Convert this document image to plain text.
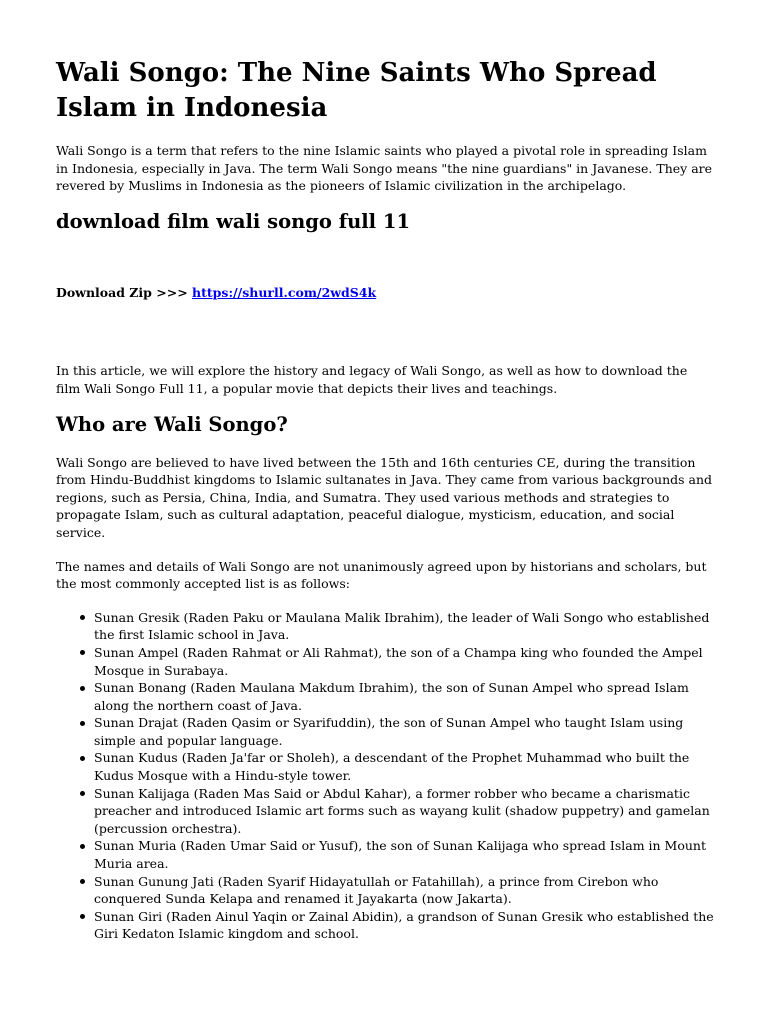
Wali Songo: The Nine Saints Who Spread Islam in Indonesia

Wali Songo is a term that refers to the nine Islamic saints who played a pivotal role in spreading Islam in Indonesia, especially in Java. The term Wali Songo means "the nine guardians" in Javanese. They are revered by Muslims in Indonesia as the pioneers of Islamic civilization in the archipelago.

download film wali songo full 11

Download Zip >>> https://shurll.com/2wdS4k

In this article, we will explore the history and legacy of Wali Songo, as well as how to download the film Wali Songo Full 11, a popular movie that depicts their lives and teachings.

Who are Wali Songo?

Wali Songo are believed to have lived between the 15th and 16th centuries CE, during the transition from Hindu-Buddhist kingdoms to Islamic sultanates in Java. They came from various backgrounds and regions, such as Persia, China, India, and Sumatra. They used various methods and strategies to propagate Islam, such as cultural adaptation, peaceful dialogue, mysticism, education, and social service.

The names and details of Wali Songo are not unanimously agreed upon by historians and scholars, but the most commonly accepted list is as follows:

Sunan Gresik (Raden Paku or Maulana Malik Ibrahim), the leader of Wali Songo who established the first Islamic school in Java.
Sunan Ampel (Raden Rahmat or Ali Rahmat), the son of a Champa king who founded the Ampel Mosque in Surabaya.
Sunan Bonang (Raden Maulana Makdum Ibrahim), the son of Sunan Ampel who spread Islam along the northern coast of Java.
Sunan Drajat (Raden Qasim or Syarifuddin), the son of Sunan Ampel who taught Islam using simple and popular language.
Sunan Kudus (Raden Ja'far or Sholeh), a descendant of the Prophet Muhammad who built the Kudus Mosque with a Hindu-style tower.
Sunan Kalijaga (Raden Mas Said or Abdul Kahar), a former robber who became a charismatic preacher and introduced Islamic art forms such as wayang kulit (shadow puppetry) and gamelan (percussion orchestra).
Sunan Muria (Raden Umar Said or Yusuf), the son of Sunan Kalijaga who spread Islam in Mount Muria area.
Sunan Gunung Jati (Raden Syarif Hidayatullah or Fatahillah), a prince from Cirebon who conquered Sunda Kelapa and renamed it Jayakarta (now Jakarta).
Sunan Giri (Raden Ainul Yaqin or Zainal Abidin), a grandson of Sunan Gresik who established the Giri Kedaton Islamic kingdom and school.
